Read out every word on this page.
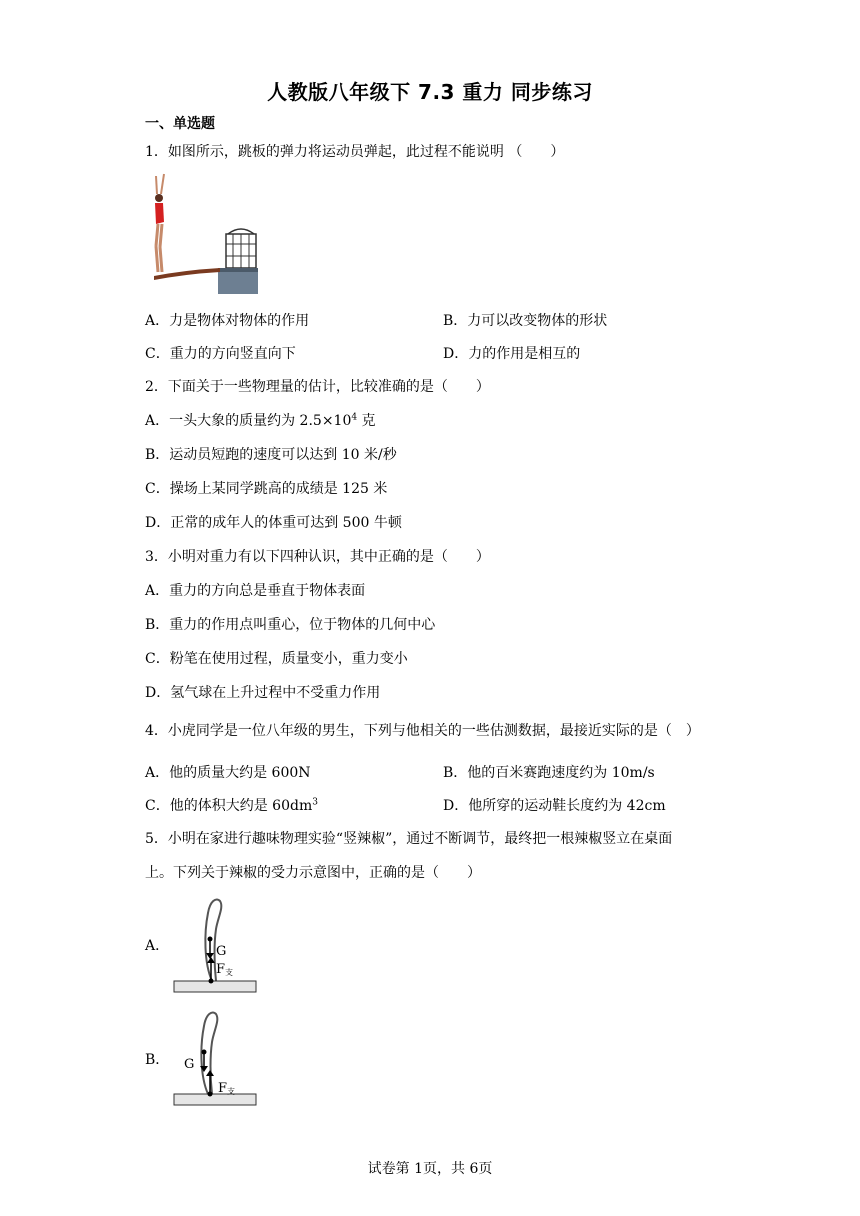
人教版八年级下 7.3 重力 同步练习
一、单选题
1．如图所示，跳板的弹力将运动员弹起，此过程不能说明 （　　）
A．力是物体对物体的作用	B．力可以改变物体的形状
C．重力的方向竖直向下	D．力的作用是相互的
2．下面关于一些物理量的估计，比较准确的是（　　）
A．一头大象的质量约为 $2.5\times 10^4$ 克
B．运动员短跑的速度可以达到 10 米/秒
C．操场上某同学跳高的成绩是 125 米
D．正常的成年人的体重可达到 500 牛顿
3．小明对重力有以下四种认识，其中正确的是（　　）
A．重力的方向总是垂直于物体表面
B．重力的作用点叫重心，位于物体的几何中心
C．粉笔在使用过程，质量变小，重力变小
D．氢气球在上升过程中不受重力作用
4．小虎同学是一位八年级的男生，下列与他相关的一些估测数据，最接近实际的是（　）
A．他的质量大约是 600N	B．他的百米赛跑速度约为 10m/s
C．他的体积大约是 $60dm^3$	D．他所穿的运动鞋长度约为 42cm
5．小明在家进行趣味物理实验“竖辣椒”，通过不断调节，最终把一根辣椒竖立在桌面
上。下列关于辣椒的受力示意图中，正确的是（　　）
A．	G
F 支
B． G
F 支
试卷第 1页，共 6页
